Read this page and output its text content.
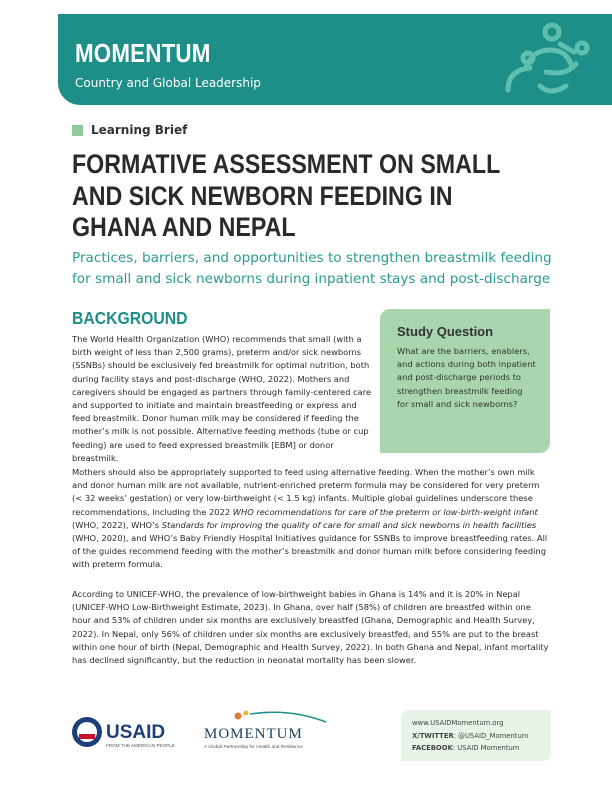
MOMENTUM
Country and Global Leadership
Learning Brief
FORMATIVE ASSESSMENT ON SMALL
AND SICK NEWBORN FEEDING IN
GHANA AND NEPAL
Practices, barriers, and opportunities to strengthen breastmilk feeding
for small and sick newborns during inpatient stays and post-discharge
BACKGROUND
Study Question
What are the barriers, enablers, and actions during both inpatient and post-discharge periods to strengthen breastmilk feeding for small and sick newborns?
The World Health Organization (WHO) recommends that small (with a birth weight of less than 2,500 grams), preterm and/or sick newborns (SSNBs) should be exclusively fed breastmilk for optimal nutrition, both during facility stays and post-discharge (WHO, 2022). Mothers and caregivers should be engaged as partners through family-centered care and supported to initiate and maintain breastfeeding or express and feed breastmilk. Donor human milk may be considered if feeding the mother’s milk is not possible. Alternative feeding methods (tube or cup feeding) are used to feed expressed breastmilk [EBM] or donor breastmilk.
Mothers should also be appropriately supported to feed using alternative feeding. When the mother’s own milk and donor human milk are not available, nutrient-enriched preterm formula may be considered for very preterm (< 32 weeks’ gestation) or very low-birthweight (< 1.5 kg) infants. Multiple global guidelines underscore these recommendations, including the 2022 WHO recommendations for care of the preterm or low-birth-weight infant (WHO, 2022), WHO’s Standards for improving the quality of care for small and sick newborns in health facilities (WHO, 2020), and WHO’s Baby Friendly Hospital Initiatives guidance for SSNBs to improve breastfeeding rates. All of the guides recommend feeding with the mother’s breastmilk and donor human milk before considering feeding with preterm formula.
According to UNICEF-WHO, the prevalence of low-birthweight babies in Ghana is 14% and it is 20% in Nepal (UNICEF-WHO Low-Birthweight Estimate, 2023). In Ghana, over half (58%) of children are breastfed within one hour and 53% of children under six months are exclusively breastfed (Ghana, Demographic and Health Survey, 2022). In Nepal, only 56% of children under six months are exclusively breastfed, and 55% are put to the breast within one hour of birth (Nepal, Demographic and Health Survey, 2022). In both Ghana and Nepal, infant mortality has declined significantly, but the reduction in neonatal mortality has been slower.
USAID
FROM THE AMERICAN PEOPLE
MOMENTUM
A Global Partnership for Health and Resilience
www.USAIDMomentum.org
X/TWITTER: @USAID_Momentum
FACEBOOK: USAID Momentum
